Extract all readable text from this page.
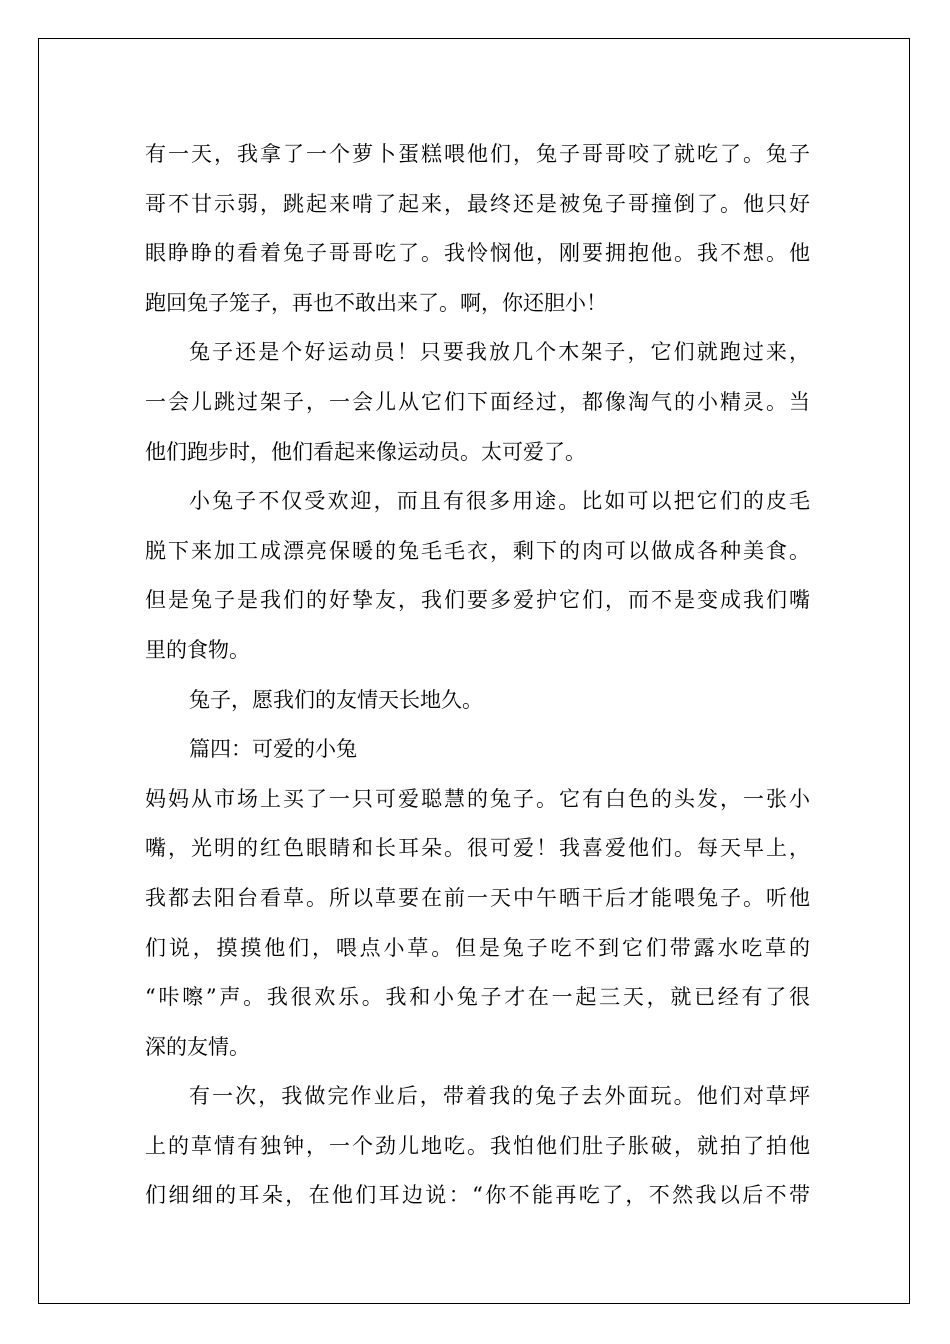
有一天，我拿了一个萝卜蛋糕喂他们，兔子哥哥咬了就吃了。兔子
哥不甘示弱，跳起来啃了起来，最终还是被兔子哥撞倒了。他只好
眼睁睁的看着兔子哥哥吃了。我怜悯他，刚要拥抱他。我不想。他
跑回兔子笼子，再也不敢出来了。啊，你还胆小！
兔子还是个好运动员！只要我放几个木架子，它们就跑过来，
一会儿跳过架子，一会儿从它们下面经过，都像淘气的小精灵。当
他们跑步时，他们看起来像运动员。太可爱了。
小兔子不仅受欢迎，而且有很多用途。比如可以把它们的皮毛
脱下来加工成漂亮保暖的兔毛毛衣，剩下的肉可以做成各种美食。
但是兔子是我们的好挚友，我们要多爱护它们，而不是变成我们嘴
里的食物。
兔子，愿我们的友情天长地久。
篇四：可爱的小兔
妈妈从市场上买了一只可爱聪慧的兔子。它有白色的头发，一张小
嘴，光明的红色眼睛和长耳朵。很可爱！我喜爱他们。每天早上，
我都去阳台看草。所以草要在前一天中午晒干后才能喂兔子。听他
们说，摸摸他们，喂点小草。但是兔子吃不到它们带露水吃草的
“咔嚓”声。我很欢乐。我和小兔子才在一起三天，就已经有了很
深的友情。
有一次，我做完作业后，带着我的兔子去外面玩。他们对草坪
上的草情有独钟，一个劲儿地吃。我怕他们肚子胀破，就拍了拍他
们细细的耳朵，在他们耳边说：“你不能再吃了，不然我以后不带
